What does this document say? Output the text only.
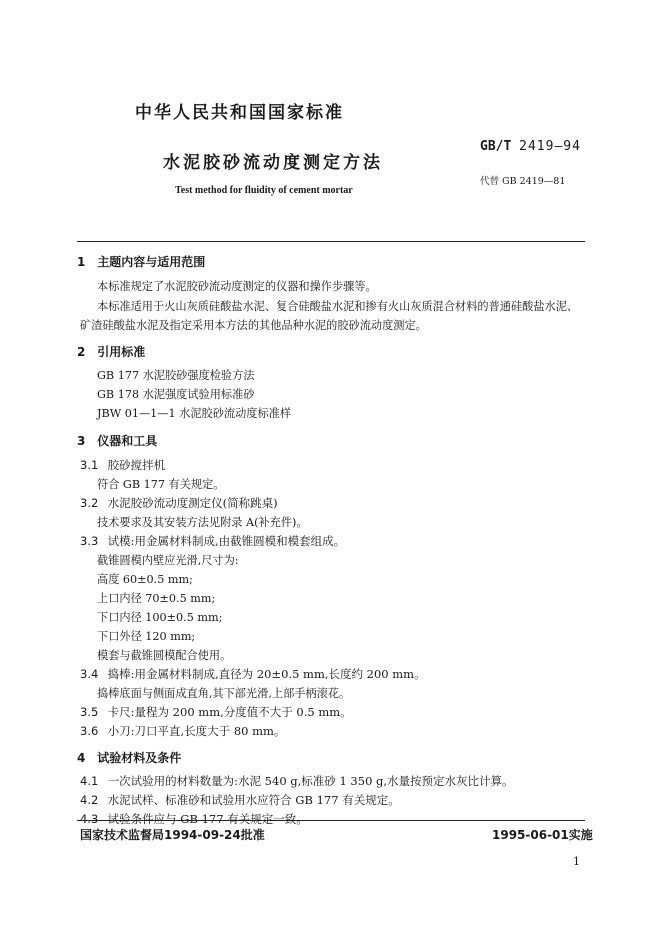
中华人民共和国国家标准
GB/T 2419—94
水泥胶砂流动度测定方法
代替 GB 2419—81
Test method for fluidity of cement mortar
1 主题内容与适用范围
本标准规定了水泥胶砂流动度测定的仪器和操作步骤等。
本标准适用于火山灰质硅酸盐水泥、复合硅酸盐水泥和掺有火山灰质混合材料的普通硅酸盐水泥、
矿渣硅酸盐水泥及指定采用本方法的其他品种水泥的胶砂流动度测定。
2 引用标准
GB 177 水泥胶砂强度检验方法
GB 178 水泥强度试验用标准砂
JBW 01—1—1 水泥胶砂流动度标准样
3 仪器和工具
3.1 胶砂搅拌机
符合 GB 177 有关规定。
3.2 水泥胶砂流动度测定仪(简称跳桌)
技术要求及其安装方法见附录 A(补充件)。
3.3 试模:用金属材料制成,由截锥圆模和模套组成。
截锥圆模内壁应光滑,尺寸为:
高度 60±0.5 mm;
上口内径 70±0.5 mm;
下口内径 100±0.5 mm;
下口外径 120 mm;
模套与截锥圆模配合使用。
3.4 捣棒:用金属材料制成,直径为 20±0.5 mm,长度约 200 mm。
捣棒底面与侧面成直角,其下部光滑,上部手柄滚花。
3.5 卡尺:量程为 200 mm,分度值不大于 0.5 mm。
3.6 小刀:刀口平直,长度大于 80 mm。
4 试验材料及条件
4.1 一次试验用的材料数量为:水泥 540 g,标准砂 1 350 g,水量按预定水灰比计算。
4.2 水泥试样、标准砂和试验用水应符合 GB 177 有关规定。
4.3 试验条件应与 GB 177 有关规定一致。
国家技术监督局1994-09-24批准	1995-06-01实施
1
